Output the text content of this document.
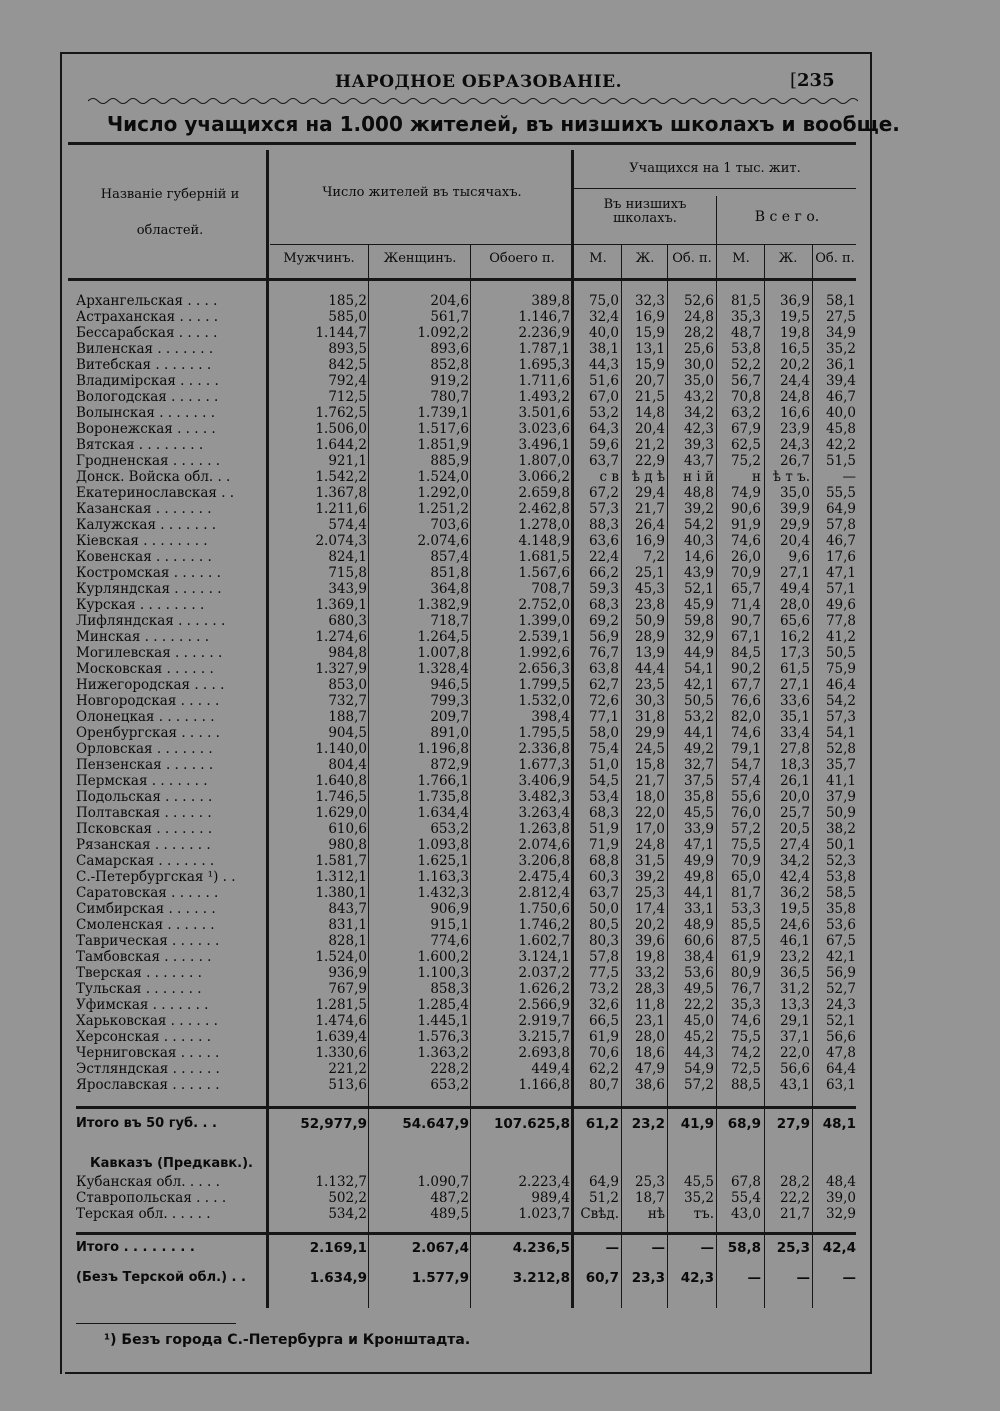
НАРОДНОЕ ОБРАЗОВАНІЕ.	[235
Число учащихся на 1.000 жителей, въ низшихъ школахъ и вообще.
Названіе губерній и
областей.
Число жителей въ тысячахъ.
Учащихся на 1 тыс. жит.
Въ низшихъ
школахъ.	В с е г о.
Мужчинъ.	Женщинъ.	Обоего п.	М.	Ж.	Об. п.	М.	Ж.	Об. п.
Архангельская . . . .	185,2	204,6	389,8	75,0	32,3	52,6	81,5	36,9	58,1
Астраханская . . . . .	585,0	561,7	1.146,7	32,4	16,9	24,8	35,3	19,5	27,5
Бессарабская . . . . .	1.144,7	1.092,2	2.236,9	40,0	15,9	28,2	48,7	19,8	34,9
Виленская . . . . . . .	893,5	893,6	1.787,1	38,1	13,1	25,6	53,8	16,5	35,2
Витебская . . . . . . .	842,5	852,8	1.695,3	44,3	15,9	30,0	52,2	20,2	36,1
Владимірская . . . . .	792,4	919,2	1.711,6	51,6	20,7	35,0	56,7	24,4	39,4
Вологодская . . . . . .	712,5	780,7	1.493,2	67,0	21,5	43,2	70,8	24,8	46,7
Волынская . . . . . . .	1.762,5	1.739,1	3.501,6	53,2	14,8	34,2	63,2	16,6	40,0
Воронежская . . . . .	1.506,0	1.517,6	3.023,6	64,3	20,4	42,3	67,9	23,9	45,8
Вятская . . . . . . . .	1.644,2	1.851,9	3.496,1	59,6	21,2	39,3	62,5	24,3	42,2
Гродненская . . . . . .	921,1	885,9	1.807,0	63,7	22,9	43,7	75,2	26,7	51,5
Донск. Войска обл. . .	1.542,2	1.524,0	3.066,2	с в ѣ д ѣ	н і й	н ѣ т ъ.	—
Екатеринославская . .	1.367,8	1.292,0	2.659,8	67,2	29,4	48,8	74,9	35,0	55,5
Казанская . . . . . . .	1.211,6	1.251,2	2.462,8	57,3	21,7	39,2	90,6	39,9	64,9
Калужская . . . . . . .	574,4	703,6	1.278,0	88,3	26,4	54,2	91,9	29,9	57,8
Кіевская . . . . . . . .	2.074,3	2.074,6	4.148,9	63,6	16,9	40,3	74,6	20,4	46,7
Ковенская . . . . . . .	824,1	857,4	1.681,5	22,4	7,2	14,6	26,0	9,6	17,6
Костромская . . . . . .	715,8	851,8	1.567,6	66,2	25,1	43,9	70,9	27,1	47,1
Курляндская . . . . . .	343,9	364,8	708,7	59,3	45,3	52,1	65,7	49,4	57,1
Курская . . . . . . . .	1.369,1	1.382,9	2.752,0	68,3	23,8	45,9	71,4	28,0	49,6
Лифляндская . . . . . .	680,3	718,7	1.399,0	69,2	50,9	59,8	90,7	65,6	77,8
Минская . . . . . . . .	1.274,6	1.264,5	2.539,1	56,9	28,9	32,9	67,1	16,2	41,2
Могилевская . . . . . .	984,8	1.007,8	1.992,6	76,7	13,9	44,9	84,5	17,3	50,5
Московская . . . . . .	1.327,9	1.328,4	2.656,3	63,8	44,4	54,1	90,2	61,5	75,9
Нижегородская . . . .	853,0	946,5	1.799,5	62,7	23,5	42,1	67,7	27,1	46,4
Новгородская . . . . .	732,7	799,3	1.532,0	72,6	30,3	50,5	76,6	33,6	54,2
Олонецкая . . . . . . .	188,7	209,7	398,4	77,1	31,8	53,2	82,0	35,1	57,3
Оренбургская . . . . .	904,5	891,0	1.795,5	58,0	29,9	44,1	74,6	33,4	54,1
Орловская . . . . . . .	1.140,0	1.196,8	2.336,8	75,4	24,5	49,2	79,1	27,8	52,8
Пензенская . . . . . .	804,4	872,9	1.677,3	51,0	15,8	32,7	54,7	18,3	35,7
Пермская . . . . . . .	1.640,8	1.766,1	3.406,9	54,5	21,7	37,5	57,4	26,1	41,1
Подольская . . . . . .	1.746,5	1.735,8	3.482,3	53,4	18,0	35,8	55,6	20,0	37,9
Полтавская . . . . . .	1.629,0	1.634,4	3.263,4	68,3	22,0	45,5	76,0	25,7	50,9
Псковская . . . . . . .	610,6	653,2	1.263,8	51,9	17,0	33,9	57,2	20,5	38,2
Рязанская . . . . . . .	980,8	1.093,8	2.074,6	71,9	24,8	47,1	75,5	27,4	50,1
Самарская . . . . . . .	1.581,7	1.625,1	3.206,8	68,8	31,5	49,9	70,9	34,2	52,3
С.-Петербургская ¹) . .	1.312,1	1.163,3	2.475,4	60,3	39,2	49,8	65,0	42,4	53,8
Саратовская . . . . . .	1.380,1	1.432,3	2.812,4	63,7	25,3	44,1	81,7	36,2	58,5
Симбирская . . . . . .	843,7	906,9	1.750,6	50,0	17,4	33,1	53,3	19,5	35,8
Смоленская . . . . . .	831,1	915,1	1.746,2	80,5	20,2	48,9	85,5	24,6	53,6
Таврическая . . . . . .	828,1	774,6	1.602,7	80,3	39,6	60,6	87,5	46,1	67,5
Тамбовская . . . . . .	1.524,0	1.600,2	3.124,1	57,8	19,8	38,4	61,9	23,2	42,1
Тверская . . . . . . .	936,9	1.100,3	2.037,2	77,5	33,2	53,6	80,9	36,5	56,9
Тульская . . . . . . .	767,9	858,3	1.626,2	73,2	28,3	49,5	76,7	31,2	52,7
Уфимская . . . . . . .	1.281,5	1.285,4	2.566,9	32,6	11,8	22,2	35,3	13,3	24,3
Харьковская . . . . . .	1.474,6	1.445,1	2.919,7	66,5	23,1	45,0	74,6	29,1	52,1
Херсонская . . . . . .	1.639,4	1.576,3	3.215,7	61,9	28,0	45,2	75,5	37,1	56,6
Черниговская . . . . .	1.330,6	1.363,2	2.693,8	70,6	18,6	44,3	74,2	22,0	47,8
Эстляндская . . . . . .	221,2	228,2	449,4	62,2	47,9	54,9	72,5	56,6	64,4
Ярославская . . . . . .	513,6	653,2	1.166,8	80,7	38,6	57,2	88,5	43,1	63,1
Итого въ 50 губ. . .	52,977,9	54.647,9	107.625,8	61,2 23,2	41,9	68,9	27,9 48,1
Кавказъ (Предкавк.).
Кубанская обл. . . . .	1.132,7	1.090,7	2.223,4	64,9	25,3	45,5	67,8	28,2	48,4
Ставропольская . . . .	502,2	487,2	989,4	51,2	18,7	35,2	55,4	22,2	39,0
Терская обл. . . . . .	534,2	489,5	1.023,7 Свѣд.	нѣ	тъ.	43,0	21,7	32,9
Итого . . . . . . . .	2.169,1	2.067,4	4.236,5	—	—	—	58,8	25,3 42,4
(Безъ Терской обл.) . .	1.634,9	1.577,9	3.212,8	60,7 23,3	42,3	—	—	—
¹) Безъ города С.-Петербурга и Кронштадта.
